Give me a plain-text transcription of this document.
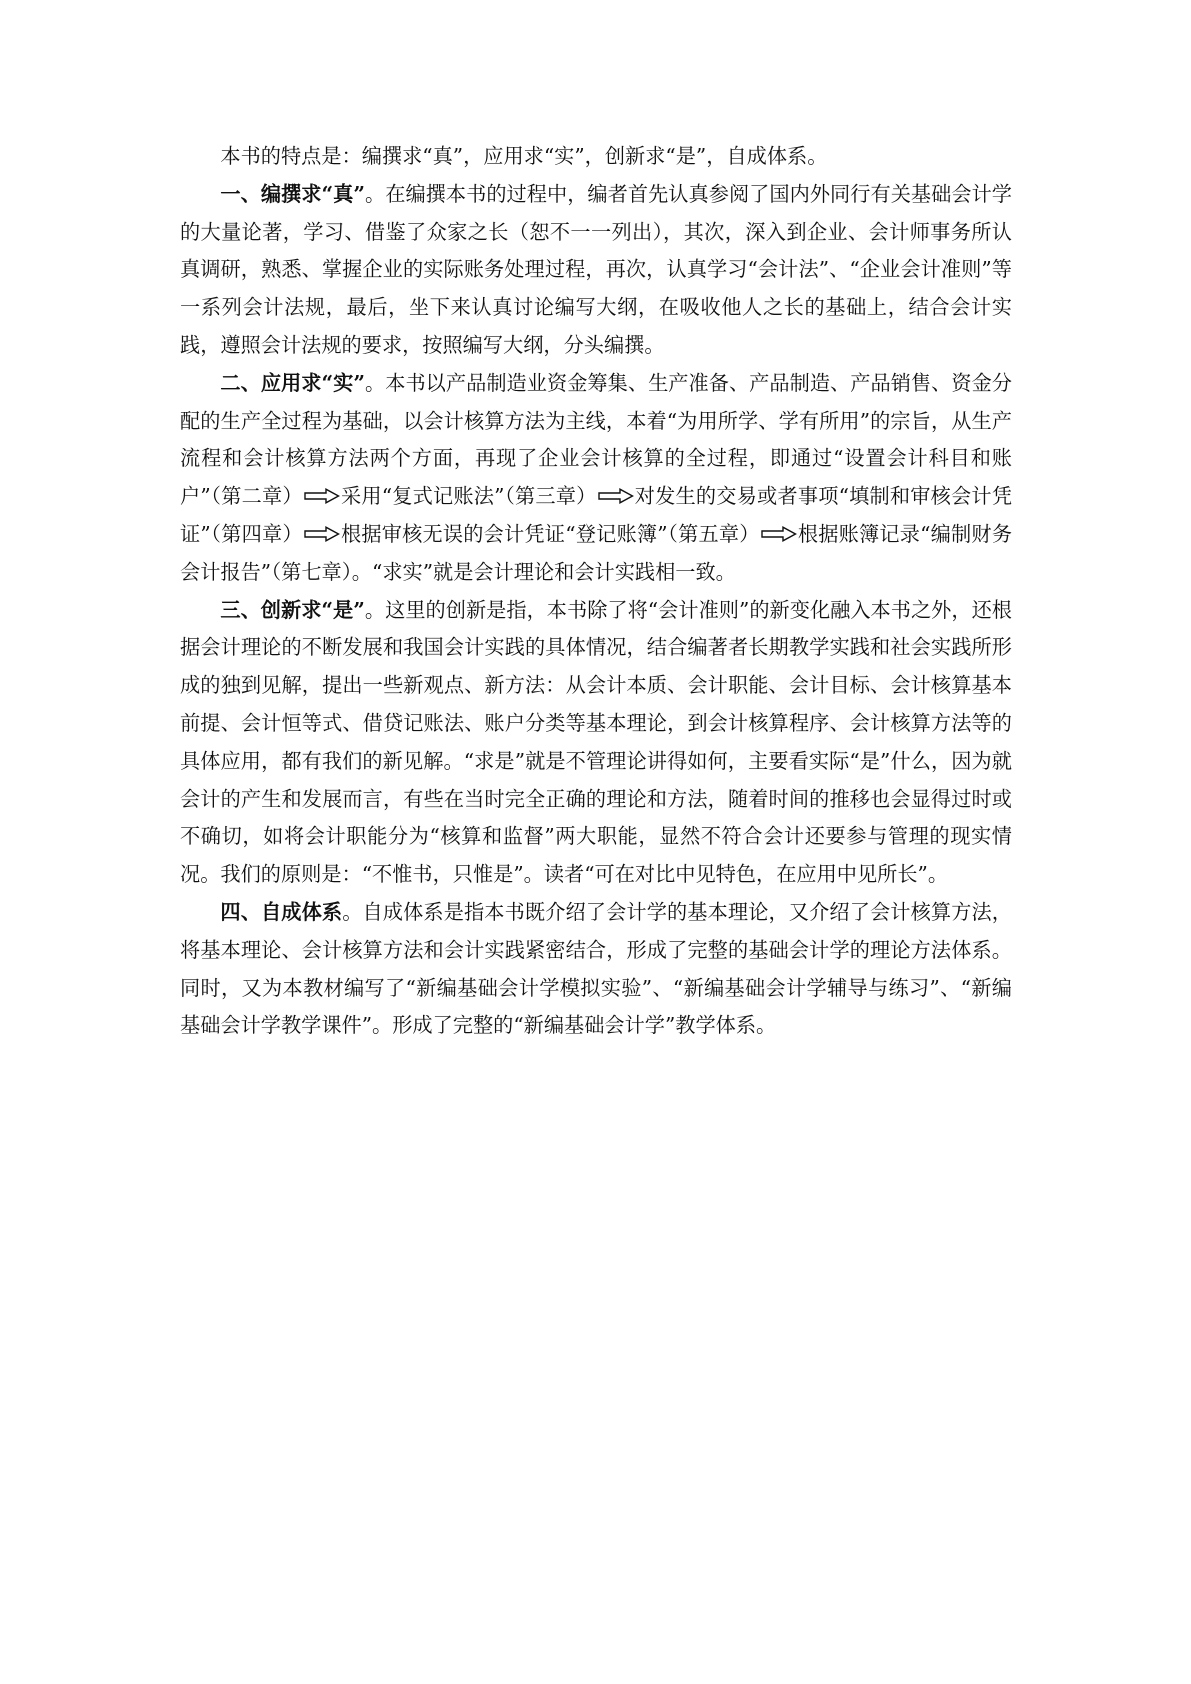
本书的特点是：编撰求“真”，应用求“实”，创新求“是”，自成体系。

一、编撰求“真”。在编撰本书的过程中，编者首先认真参阅了国内外同行有关基础会计学的大量论著，学习、借鉴了众家之长（恕不一一列出），其次，深入到企业、会计师事务所认真调研，熟悉、掌握企业的实际账务处理过程，再次，认真学习“会计法”、“企业会计准则”等一系列会计法规，最后，坐下来认真讨论编写大纲，在吸收他人之长的基础上，结合会计实践，遵照会计法规的要求，按照编写大纲，分头编撰。

二、应用求“实”。本书以产品制造业资金筹集、生产准备、产品制造、产品销售、资金分配的生产全过程为基础，以会计核算方法为主线，本着“为用所学、学有所用”的宗旨，从生产流程和会计核算方法两个方面，再现了企业会计核算的全过程，即通过“设置会计科目和账户”（第二章） 采用“复式记账法”（第三章） 对发生的交易或者事项“填制和审核会计凭证”（第四章） 根据审核无误的会计凭证“登记账簿”（第五章） 根据账簿记录“编制财务会计报告”（第七章）。“求实”就是会计理论和会计实践相一致。

三、创新求“是”。这里的创新是指，本书除了将“会计准则”的新变化融入本书之外，还根据会计理论的不断发展和我国会计实践的具体情况，结合编著者长期教学实践和社会实践所形成的独到见解，提出一些新观点、新方法：从会计本质、会计职能、会计目标、会计核算基本前提、会计恒等式、借贷记账法、账户分类等基本理论，到会计核算程序、会计核算方法等的具体应用，都有我们的新见解。“求是”就是不管理论讲得如何，主要看实际“是”什么，因为就会计的产生和发展而言，有些在当时完全正确的理论和方法，随着时间的推移也会显得过时或不确切，如将会计职能分为“核算和监督”两大职能，显然不符合会计还要参与管理的现实情况。我们的原则是：“不惟书，只惟是”。读者“可在对比中见特色，在应用中见所长”。

四、自成体系。自成体系是指本书既介绍了会计学的基本理论，又介绍了会计核算方法，将基本理论、会计核算方法和会计实践紧密结合，形成了完整的基础会计学的理论方法体系。同时，又为本教材编写了“新编基础会计学模拟实验”、“新编基础会计学辅导与练习”、“新编基础会计学教学课件”。形成了完整的“新编基础会计学”教学体系。
